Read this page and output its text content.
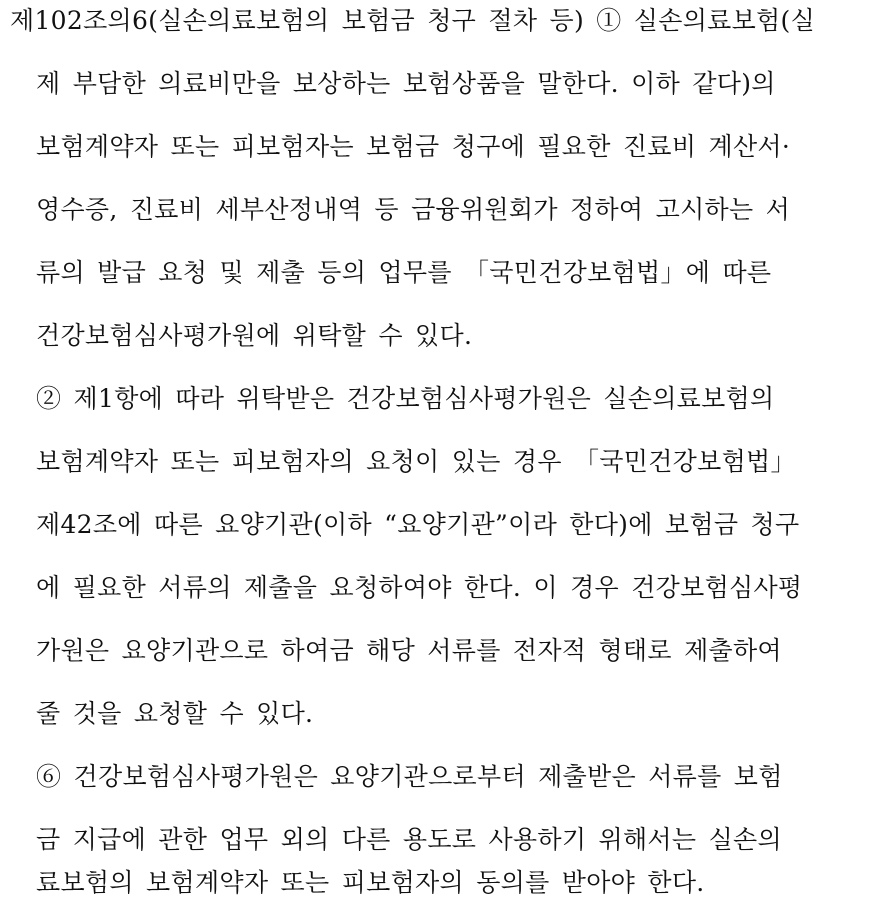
제102조의6(실손의료보험의 보험금 청구 절차 등) ① 실손의료보험(실
제 부담한 의료비만을 보상하는 보험상품을 말한다. 이하 같다)의
보험계약자 또는 피보험자는 보험금 청구에 필요한 진료비 계산서·
영수증, 진료비 세부산정내역 등 금융위원회가 정하여 고시하는 서
류의 발급 요청 및 제출 등의 업무를 「국민건강보험법」에 따른
건강보험심사평가원에 위탁할 수 있다.
② 제1항에 따라 위탁받은 건강보험심사평가원은 실손의료보험의
보험계약자 또는 피보험자의 요청이 있는 경우 「국민건강보험법」
제42조에 따른 요양기관(이하 “요양기관”이라 한다)에 보험금 청구
에 필요한 서류의 제출을 요청하여야 한다. 이 경우 건강보험심사평
가원은 요양기관으로 하여금 해당 서류를 전자적 형태로 제출하여
줄 것을 요청할 수 있다.
⑥ 건강보험심사평가원은 요양기관으로부터 제출받은 서류를 보험
금 지급에 관한 업무 외의 다른 용도로 사용하기 위해서는 실손의
료보험의 보험계약자 또는 피보험자의 동의를 받아야 한다.
